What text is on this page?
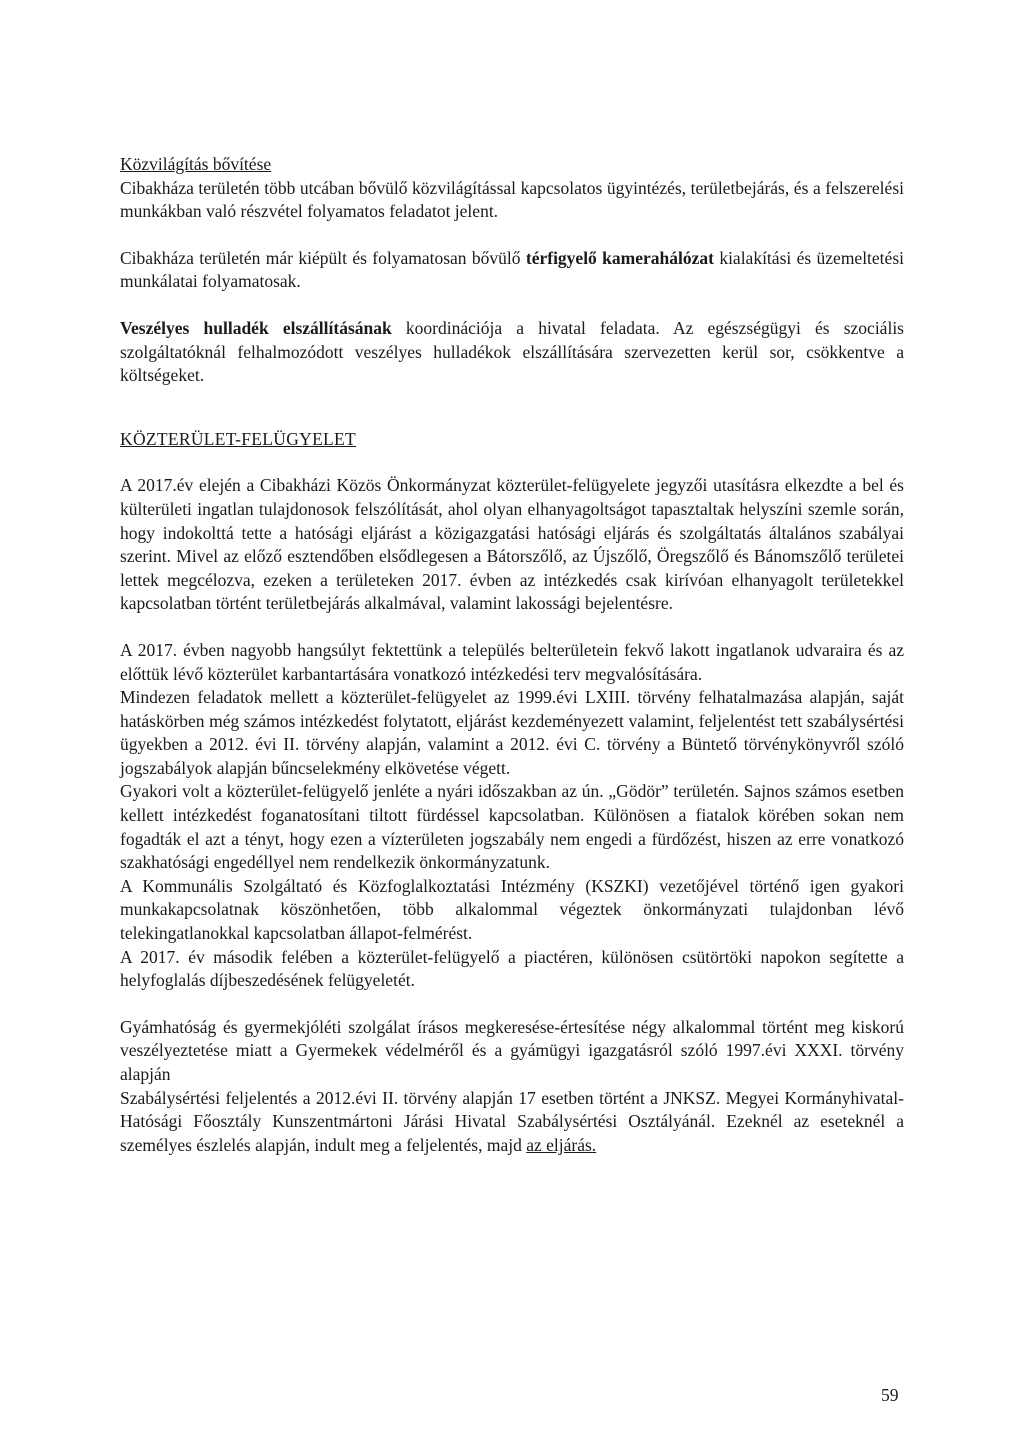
Közvilágítás bővítése

Cibakháza területén több utcában bővülő közvilágítással kapcsolatos ügyintézés, területbejárás, és a felszerelési munkákban való részvétel folyamatos feladatot jelent.

Cibakháza területén már kiépült és folyamatosan bővülő térfigyelő kamerahálózat kialakítási és üzemeltetési munkálatai folyamatosak.

Veszélyes hulladék elszállításának koordinációja a hivatal feladata. Az egészségügyi és szociális szolgáltatóknál felhalmozódott veszélyes hulladékok elszállítására szervezetten kerül sor, csökkentve a költségeket.

KÖZTERÜLET-FELÜGYELET

A 2017.év elején a Cibakházi Közös Önkormányzat közterület-felügyelete jegyzői utasításra elkezdte a bel és külterületi ingatlan tulajdonosok felszólítását, ahol olyan elhanyagoltságot tapasztaltak helyszíni szemle során, hogy indokolttá tette a hatósági eljárást a közigazgatási hatósági eljárás és szolgáltatás általános szabályai szerint. Mivel az előző esztendőben elsődlegesen a Bátorszőlő, az Újszőlő, Öregszőlő és Bánomszőlő területei lettek megcélozva, ezeken a területeken 2017. évben az intézkedés csak kirívóan elhanyagolt területekkel kapcsolatban történt területbejárás alkalmával, valamint lakossági bejelentésre.

A 2017. évben nagyobb hangsúlyt fektettünk a település belterületein fekvő lakott ingatlanok udvaraira és az előttük lévő közterület karbantartására vonatkozó intézkedési terv megvalósítására.

Mindezen feladatok mellett a közterület-felügyelet az 1999.évi LXIII. törvény felhatalmazása alapján, saját hatáskörben még számos intézkedést folytatott, eljárást kezdeményezett valamint, feljelentést tett szabálysértési ügyekben a 2012. évi II. törvény alapján, valamint a 2012. évi C. törvény a Büntető törvénykönyvről szóló jogszabályok alapján bűncselekmény elkövetése végett.

Gyakori volt a közterület-felügyelő jenléte a nyári időszakban az ún. „Gödör” területén. Sajnos számos esetben kellett intézkedést foganatosítani tiltott fürdéssel kapcsolatban. Különösen a fiatalok körében sokan nem fogadták el azt a tényt, hogy ezen a vízterületen jogszabály nem engedi a fürdőzést, hiszen az erre vonatkozó szakhatósági engedéllyel nem rendelkezik önkormányzatunk.

A Kommunális Szolgáltató és Közfoglalkoztatási Intézmény (KSZKI) vezetőjével történő igen gyakori munkakapcsolatnak köszönhetően, több alkalommal végeztek önkormányzati tulajdonban lévő telekingatlanokkal kapcsolatban állapot-felmérést.

A 2017. év második felében a közterület-felügyelő a piactéren, különösen csütörtöki napokon segítette a helyfoglalás díjbeszedésének felügyeletét.

Gyámhatóság és gyermekjóléti szolgálat írásos megkeresése-értesítése négy alkalommal történt meg kiskorú veszélyeztetése miatt a Gyermekek védelméről és a gyámügyi igazgatásról szóló 1997.évi XXXI. törvény alapján

Szabálysértési feljelentés a 2012.évi II. törvény alapján 17 esetben történt a JNKSZ. Megyei Kormányhivatal- Hatósági Főosztály Kunszentmártoni Járási Hivatal Szabálysértési Osztályánál. Ezeknél az eseteknél a személyes észlelés alapján, indult meg a feljelentés, majd az eljárás.

59
